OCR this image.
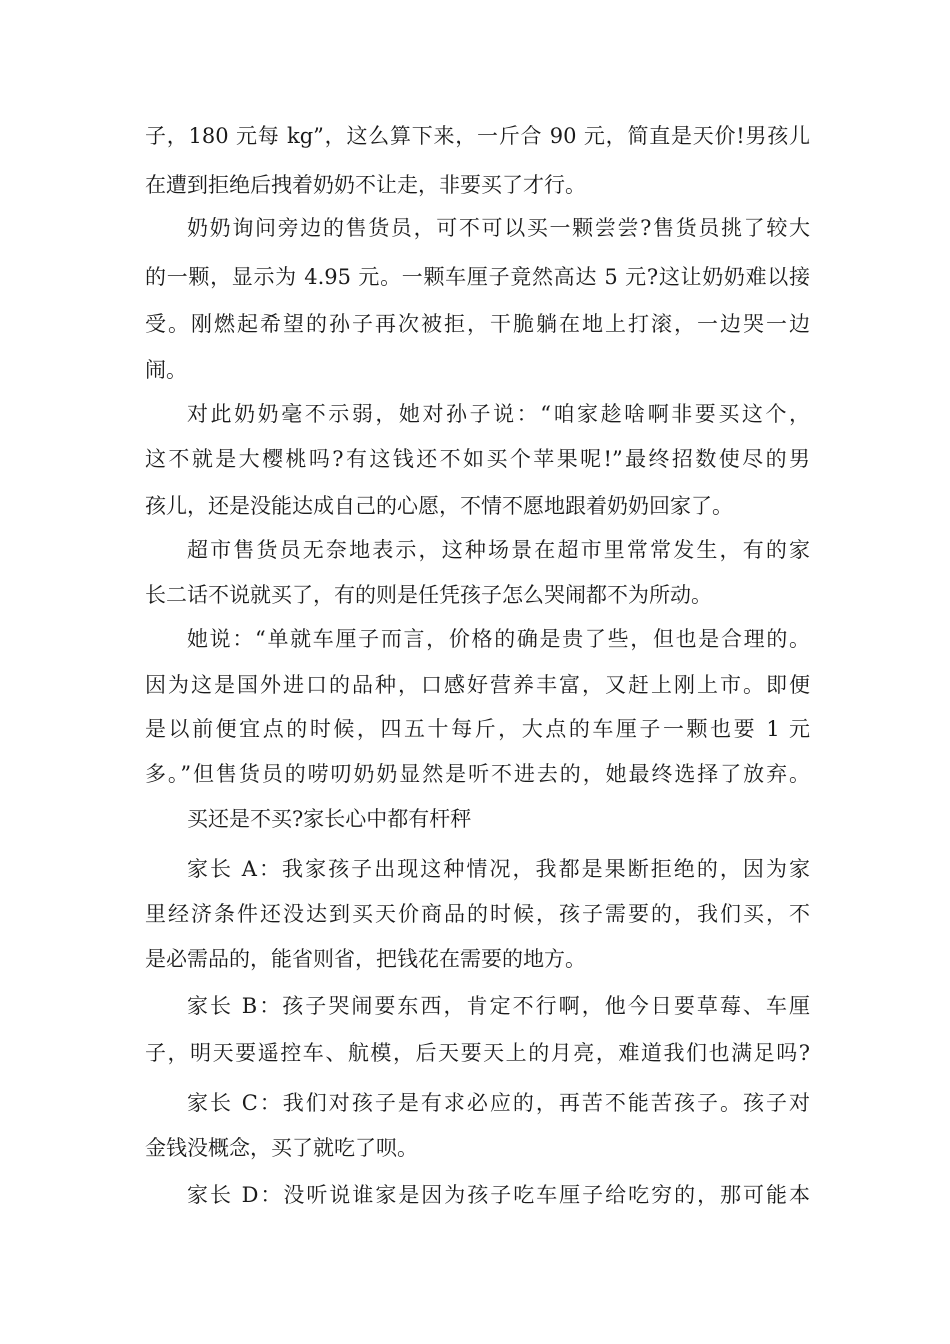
子，180 元每 kg”，这么算下来，一斤合 90 元，简直是天价!男孩儿
在遭到拒绝后拽着奶奶不让走，非要买了才行。
奶奶询问旁边的售货员，可不可以买一颗尝尝?售货员挑了较大
的一颗，显示为 4.95 元。一颗车厘子竟然高达 5 元?这让奶奶难以接
受。刚燃起希望的孙子再次被拒，干脆躺在地上打滚，一边哭一边
闹。
对此奶奶毫不示弱，她对孙子说：“咱家趁啥啊非要买这个，
这不就是大樱桃吗?有这钱还不如买个苹果呢!”最终招数使尽的男
孩儿，还是没能达成自己的心愿，不情不愿地跟着奶奶回家了。
超市售货员无奈地表示，这种场景在超市里常常发生，有的家
长二话不说就买了，有的则是任凭孩子怎么哭闹都不为所动。
她说：“单就车厘子而言，价格的确是贵了些，但也是合理的。
因为这是国外进口的品种，口感好营养丰富，又赶上刚上市。即便
是以前便宜点的时候，四五十每斤，大点的车厘子一颗也要 1 元
多。”但售货员的唠叨奶奶显然是听不进去的，她最终选择了放弃。
买还是不买?家长心中都有杆秤
家长 A：我家孩子出现这种情况，我都是果断拒绝的，因为家
里经济条件还没达到买天价商品的时候，孩子需要的，我们买，不
是必需品的，能省则省，把钱花在需要的地方。
家长 B：孩子哭闹要东西，肯定不行啊，他今日要草莓、车厘
子，明天要遥控车、航模，后天要天上的月亮，难道我们也满足吗?
家长 C：我们对孩子是有求必应的，再苦不能苦孩子。孩子对
金钱没概念，买了就吃了呗。
家长 D：没听说谁家是因为孩子吃车厘子给吃穷的，那可能本
